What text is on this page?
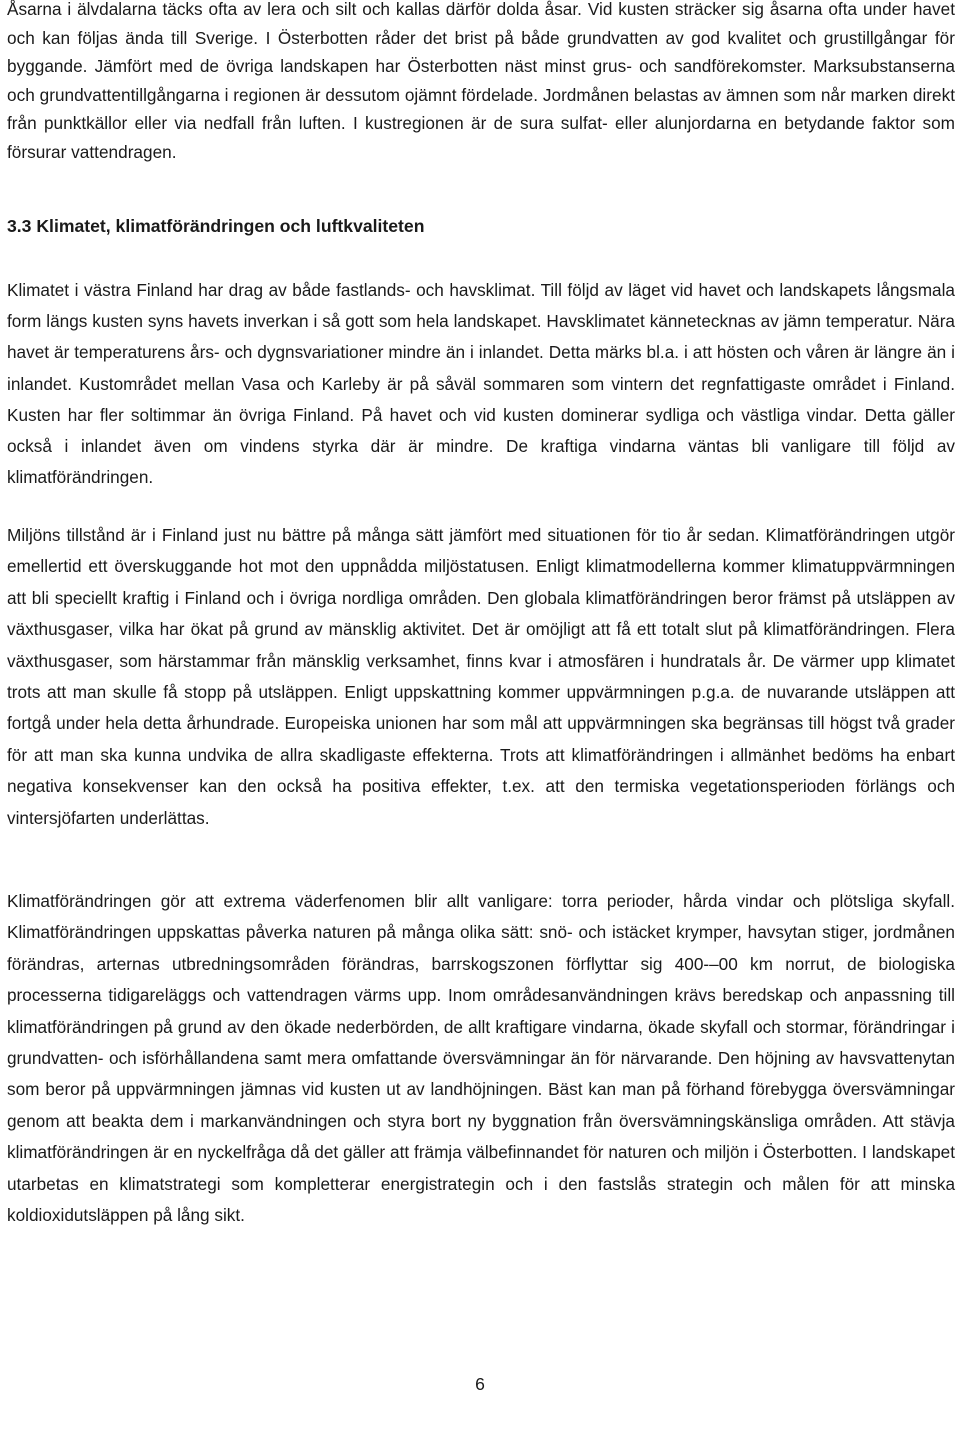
Åsarna i älvdalarna täcks ofta av lera och silt och kallas därför dolda åsar. Vid kusten sträcker sig åsarna ofta under havet och kan följas ända till Sverige. I Österbotten råder det brist på både grundvatten av god kvalitet och grustillgångar för byggande. Jämfört med de övriga landskapen har Österbotten näst minst grus- och sandförekomster. Marksubstanserna och grundvattentillgångarna i regionen är dessutom ojämnt fördelade. Jordmånen belastas av ämnen som når marken direkt från punktkällor eller via nedfall från luften. I kustregionen är de sura sulfat- eller alunjordarna en betydande faktor som försurar vattendragen.

3.3 Klimatet, klimatförändringen och luftkvaliteten

Klimatet i västra Finland har drag av både fastlands- och havsklimat. Till följd av läget vid havet och landskapets långsmala form längs kusten syns havets inverkan i så gott som hela landskapet. Havsklimatet kännetecknas av jämn temperatur. Nära havet är temperaturens års- och dygnsvariationer mindre än i inlandet. Detta märks bl.a. i att hösten och våren är längre än i inlandet. Kustområdet mellan Vasa och Karleby är på såväl sommaren som vintern det regnfattigaste området i Finland. Kusten har fler soltimmar än övriga Finland. På havet och vid kusten dominerar sydliga och västliga vindar. Detta gäller också i inlandet även om vindens styrka där är mindre. De kraftiga vindarna väntas bli vanligare till följd av klimatförändringen.

Miljöns tillstånd är i Finland just nu bättre på många sätt jämfört med situationen för tio år sedan. Klimatförändringen utgör emellertid ett överskuggande hot mot den uppnådda miljöstatusen. Enligt klimatmodellerna kommer klimatuppvärmningen att bli speciellt kraftig i Finland och i övriga nordliga områden. Den globala klimatförändringen beror främst på utsläppen av växthusgaser, vilka har ökat på grund av mänsklig aktivitet. Det är omöjligt att få ett totalt slut på klimatförändringen. Flera växthusgaser, som härstammar från mänsklig verksamhet, finns kvar i atmosfären i hundratals år. De värmer upp klimatet trots att man skulle få stopp på utsläppen. Enligt uppskattning kommer uppvärmningen p.g.a. de nuvarande utsläppen att fortgå under hela detta århundrade. Europeiska unionen har som mål att uppvärmningen ska begränsas till högst två grader för att man ska kunna undvika de allra skadligaste effekterna. Trots att klimatförändringen i allmänhet bedöms ha enbart negativa konsekvenser kan den också ha positiva effekter, t.ex. att den termiska vegetationsperioden förlängs och vintersjöfarten underlättas.

Klimatförändringen gör att extrema väderfenomen blir allt vanligare: torra perioder, hårda vindar och plötsliga skyfall. Klimatförändringen uppskattas påverka naturen på många olika sätt: snö- och istäcket krymper, havsytan stiger, jordmånen förändras, arternas utbredningsområden förändras, barrskogszonen förflyttar sig 400-–00 km norrut, de biologiska processerna tidigareläggs och vattendragen värms upp. Inom områdesanvändningen krävs beredskap och anpassning till klimatförändringen på grund av den ökade nederbörden, de allt kraftigare vindarna, ökade skyfall och stormar, förändringar i grundvatten- och isförhållandena samt mera omfattande översvämningar än för närvarande. Den höjning av havsvattenytan som beror på uppvärmningen jämnas vid kusten ut av landhöjningen. Bäst kan man på förhand förebygga översvämningar genom att beakta dem i markanvändningen och styra bort ny byggnation från översvämningskänsliga områden. Att stävja klimatförändringen är en nyckelfråga då det gäller att främja välbefinnandet för naturen och miljön i Österbotten. I landskapet utarbetas en klimatstrategi som kompletterar energistrategin och i den fastslås strategin och målen för att minska koldioxidutsläppen på lång sikt.

6
